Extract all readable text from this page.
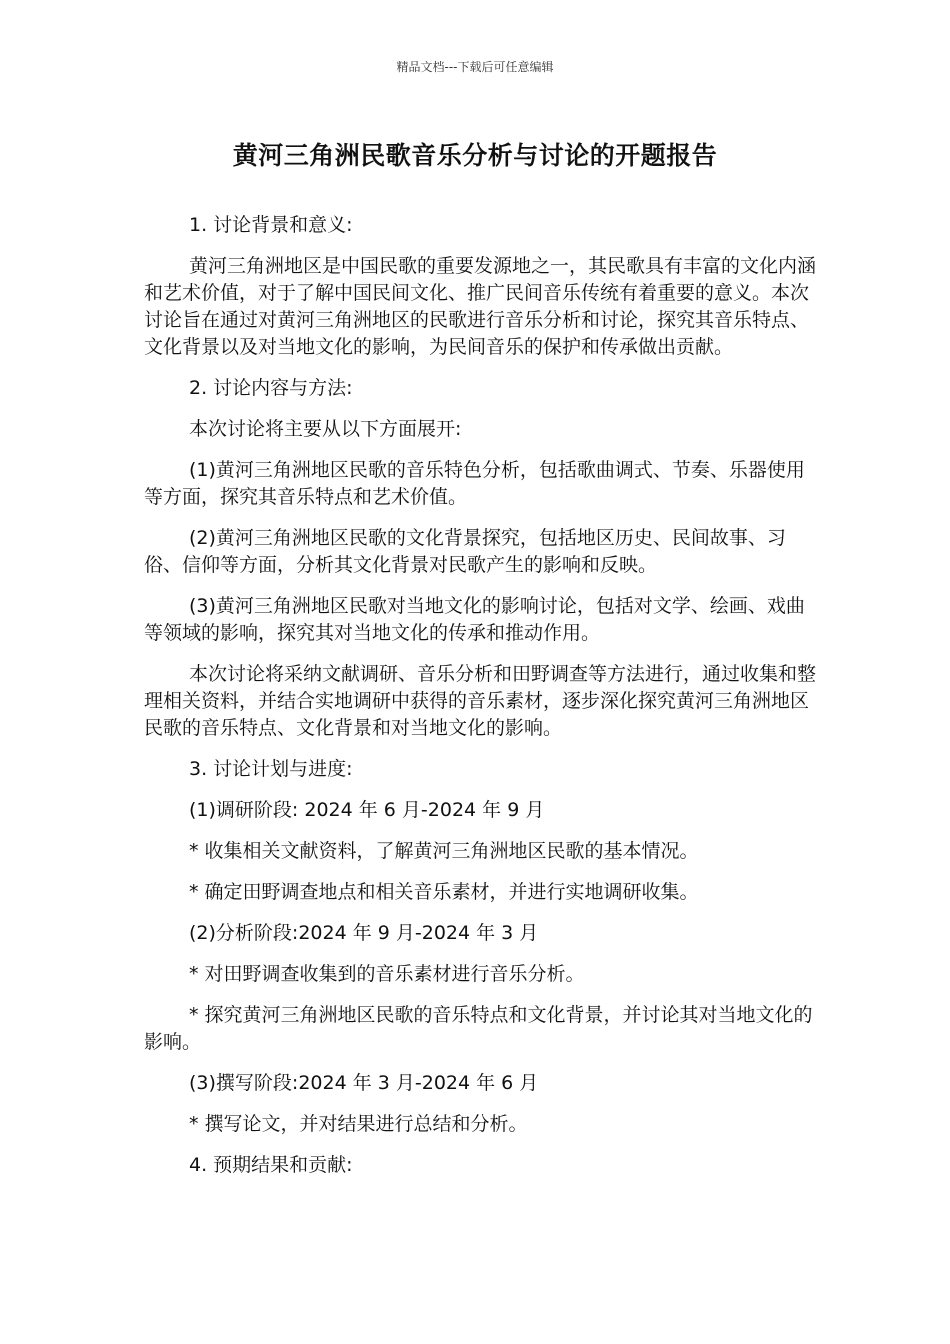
精品文档---下载后可任意编辑
黄河三角洲民歌音乐分析与讨论的开题报告

1. 讨论背景和意义:

黄河三角洲地区是中国民歌的重要发源地之一，其民歌具有丰富的文化内涵和艺术价值，对于了解中国民间文化、推广民间音乐传统有着重要的意义。本次讨论旨在通过对黄河三角洲地区的民歌进行音乐分析和讨论，探究其音乐特点、文化背景以及对当地文化的影响，为民间音乐的保护和传承做出贡献。

2. 讨论内容与方法:

本次讨论将主要从以下方面展开:

(1)黄河三角洲地区民歌的音乐特色分析，包括歌曲调式、节奏、乐器使用等方面，探究其音乐特点和艺术价值。

(2)黄河三角洲地区民歌的文化背景探究，包括地区历史、民间故事、习俗、信仰等方面，分析其文化背景对民歌产生的影响和反映。

(3)黄河三角洲地区民歌对当地文化的影响讨论，包括对文学、绘画、戏曲等领域的影响，探究其对当地文化的传承和推动作用。

本次讨论将采纳文献调研、音乐分析和田野调查等方法进行，通过收集和整理相关资料，并结合实地调研中获得的音乐素材，逐步深化探究黄河三角洲地区民歌的音乐特点、文化背景和对当地文化的影响。

3. 讨论计划与进度:

(1)调研阶段: 2024 年 6 月-2024 年 9 月

* 收集相关文献资料，了解黄河三角洲地区民歌的基本情况。

* 确定田野调查地点和相关音乐素材，并进行实地调研收集。

(2)分析阶段:2024 年 9 月-2024 年 3 月

* 对田野调查收集到的音乐素材进行音乐分析。

* 探究黄河三角洲地区民歌的音乐特点和文化背景，并讨论其对当地文化的影响。

(3)撰写阶段:2024 年 3 月-2024 年 6 月

* 撰写论文，并对结果进行总结和分析。

4. 预期结果和贡献:
